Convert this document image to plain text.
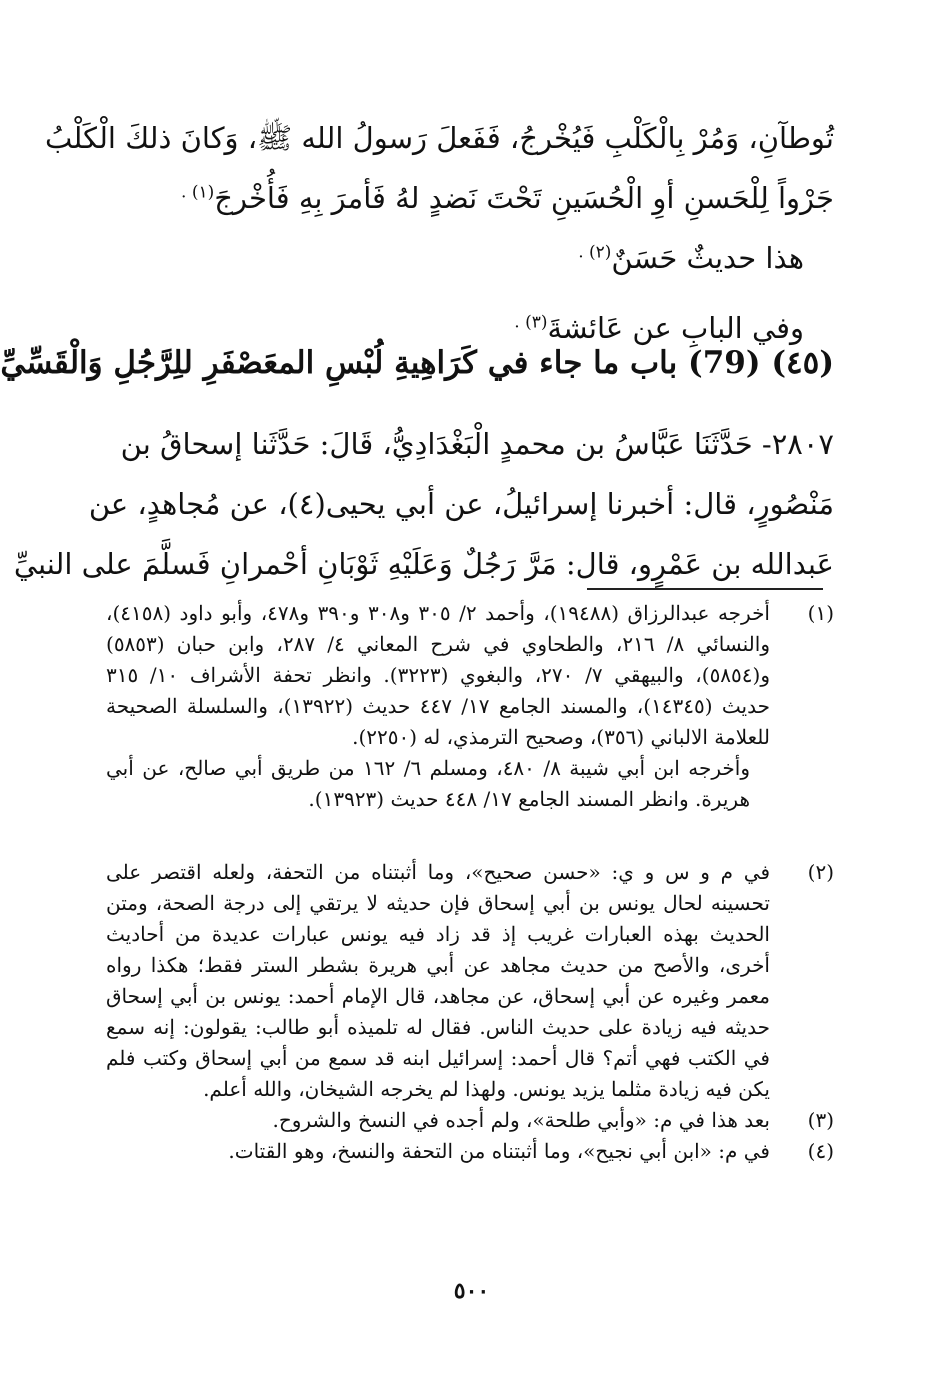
تُوطآنِ، وَمُرْ بِالْكَلْبِ فَيُخْرجُ، فَفَعلَ رَسولُ الله ﷺ، وَكانَ ذلكَ الْكَلْبُ
جَرْواً لِلْحَسنِ أوِ الْحُسَينِ تَحْتَ نَضدٍ لهُ فَأمرَ بِهِ فَأُخْرجَ$^{(١) .}$
هذا حديثٌ حَسَنٌ$^{(٢) .}$
وفي البابِ عن عَائشةَ$^{(٣) .}$
(٤٥) (79) باب ما جاء في كَرَاهِيةِ لُبْسِ المعَصْفَرِ للِرَّجُلِ وَالْقَسِّيِّ
٢٨٠٧- حَدَّثَنَا عَبَّاسُ بن محمدٍ الْبَغْدَادِيُّ، قَالَ: حَدَّثَنا إسحاقُ بن
مَنْصُورٍ، قال: أخبرنا إسرائيلُ، عن أبي يحيى(٤)، عن مُجاهدٍ، عن
عَبدالله بن عَمْرٍو، قال: مَرَّ رَجُلٌ وَعَلَيْهِ ثَوْبَانِ أحْمرانِ فَسلَّمَ على النبيِّ
(١)
أخرجه عبدالرزاق (١٩٤٨٨)، وأحمد ٢/ ٣٠٥ و٣٠٨ و٣٩٠ و٤٧٨، وأبو داود (٤١٥٨)، والنسائي ٨/ ٢١٦، والطحاوي في شرح المعاني ٤/ ٢٨٧، وابن حبان (٥٨٥٣) و(٥٨٥٤)، والبيهقي ٧/ ٢٧٠، والبغوي (٣٢٢٣). وانظر تحفة الأشراف ١٠/ ٣١٥ حديث (١٤٣٤٥)، والمسند الجامع ١٧/ ٤٤٧ حديث (١٣٩٢٢)، والسلسلة الصحيحة للعلامة الالباني (٣٥٦)، وصحيح الترمذي، له (٢٢٥٠).
وأخرجه ابن أبي شيبة ٨/ ٤٨٠، ومسلم ٦/ ١٦٢ من طريق أبي صالح، عن أبي هريرة. وانظر المسند الجامع ١٧/ ٤٤٨ حديث (١٣٩٢٣).
(٢)
في م و س و ي: «حسن صحيح»، وما أثبتناه من التحفة، ولعله اقتصر على تحسينه لحال يونس بن أبي إسحاق فإن حديثه لا يرتقي إلى درجة الصحة، ومتن الحديث بهذه العبارات غريب إذ قد زاد فيه يونس عبارات عديدة من أحاديث أخرى، والأصح من حديث مجاهد عن أبي هريرة بشطر الستر فقط؛ هكذا رواه معمر وغيره عن أبي إسحاق، عن مجاهد، قال الإمام أحمد: يونس بن أبي إسحاق حديثه فيه زيادة على حديث الناس. فقال له تلميذه أبو طالب: يقولون: إنه سمع في الكتب فهي أتم؟ قال أحمد: إسرائيل ابنه قد سمع من أبي إسحاق وكتب فلم يكن فيه زيادة مثلما يزيد يونس. ولهذا لم يخرجه الشيخان، والله أعلم.
(٣)
بعد هذا في م: «وأبي طلحة»، ولم أجده في النسخ والشروح.
(٤)
في م: «ابن أبي نجيح»، وما أثبتناه من التحفة والنسخ، وهو القتات.
٥٠٠
